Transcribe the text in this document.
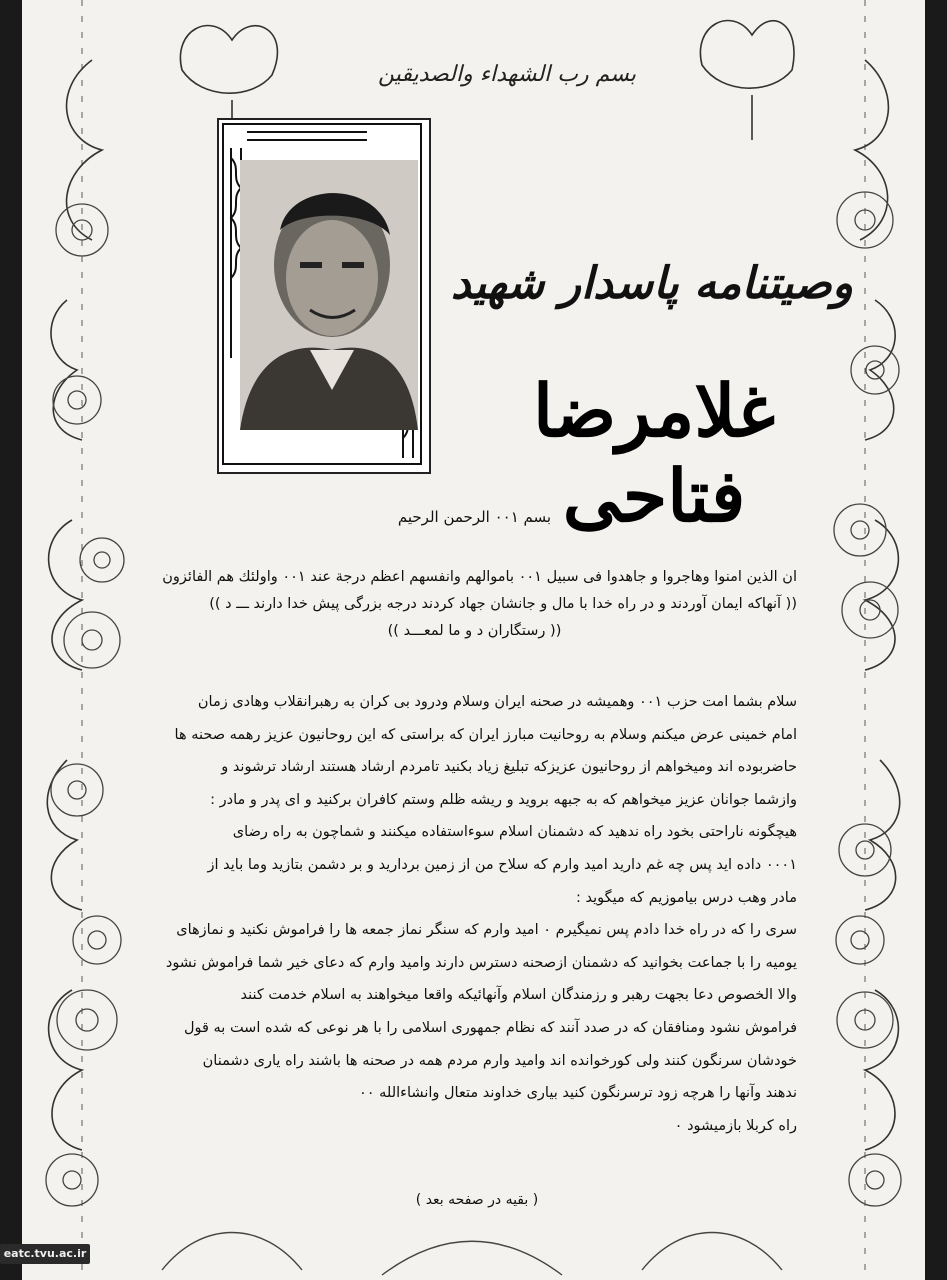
بسم رب الشهداء والصدیقین
وصیتنامه پاسدار شهید
غلامرضا فتاحی
بسم ۰۰۱ الرحمن الرحیم

ان الذین امنوا وهاجروا و جاهدوا فی سبیل ۰۰۱ باموالهم وانفسهم اعظم درجة عند ۰۰۱ واولئك هم الفائزون

(( آنهاکه ایمان آوردند و در راه خدا با مال و جانشان جهاد کردند درجه بزرگی پیش خدا دارند ـــ د ))

(( رستگاران د و ما لمعـــد ))

سلام بشما امت حزب ۰۰۱ وهمیشه در صحنه ایران وسلام ودرود بی کران به رهبرانقلاب وهادی زمان

امام خمینی عرض میکنم وسلام به روحانیت مبارز ایران که براستی که این روحانیون عزیز رهمه صحنه ها

حاضربوده اند ومیخواهم از روحانیون عزیزکه تبلیغ زیاد بکنید تامردم ارشاد هستند ارشاد ترشوند و

وازشما جوانان عزیز میخواهم که به جبهه بروید و ریشه ظلم وستم کافران برکنید و ای پدر و مادر :

هیچگونه ناراحتی بخود راه ندهید که دشمنان اسلام سوءاستفاده میکنند و شماچون به راه رضای

۰۰۰۱ داده اید پس چه غم دارید امید وارم که سلاح من از زمین بردارید و بر دشمن بتازید وما باید از

مادر وهب درس بیاموزیم که میگوید :

سری را که در راه خدا دادم پس نمیگیرم ۰ امید وارم که سنگر نماز جمعه ها را فراموش نکنید و نمازهای

یومیه را با جماعت بخوانید که دشمنان ازصحنه دسترس دارند وامید وارم که دعای خیر شما فراموش نشود

والا الخصوص دعا بجهت رهبر و رزمندگان اسلام وآنهائیکه واقعا میخواهند به اسلام خدمت کنند

فراموش نشود ومنافقان که در صدد آنند که نظام جمهوری اسلامی را با هر نوعی که شده است به قول

خودشان سرنگون کنند ولی کورخوانده اند وامید وارم مردم همه در صحنه ها باشند راه یاری دشمنان

ندهند وآنها را هرچه زود ترسرنگون کنید بیاری خداوند متعال وانشاءالله ۰۰

راه کربلا بازمیشود ۰

( بقیه در صفحه بعد )
eatc.tvu.ac.ir
